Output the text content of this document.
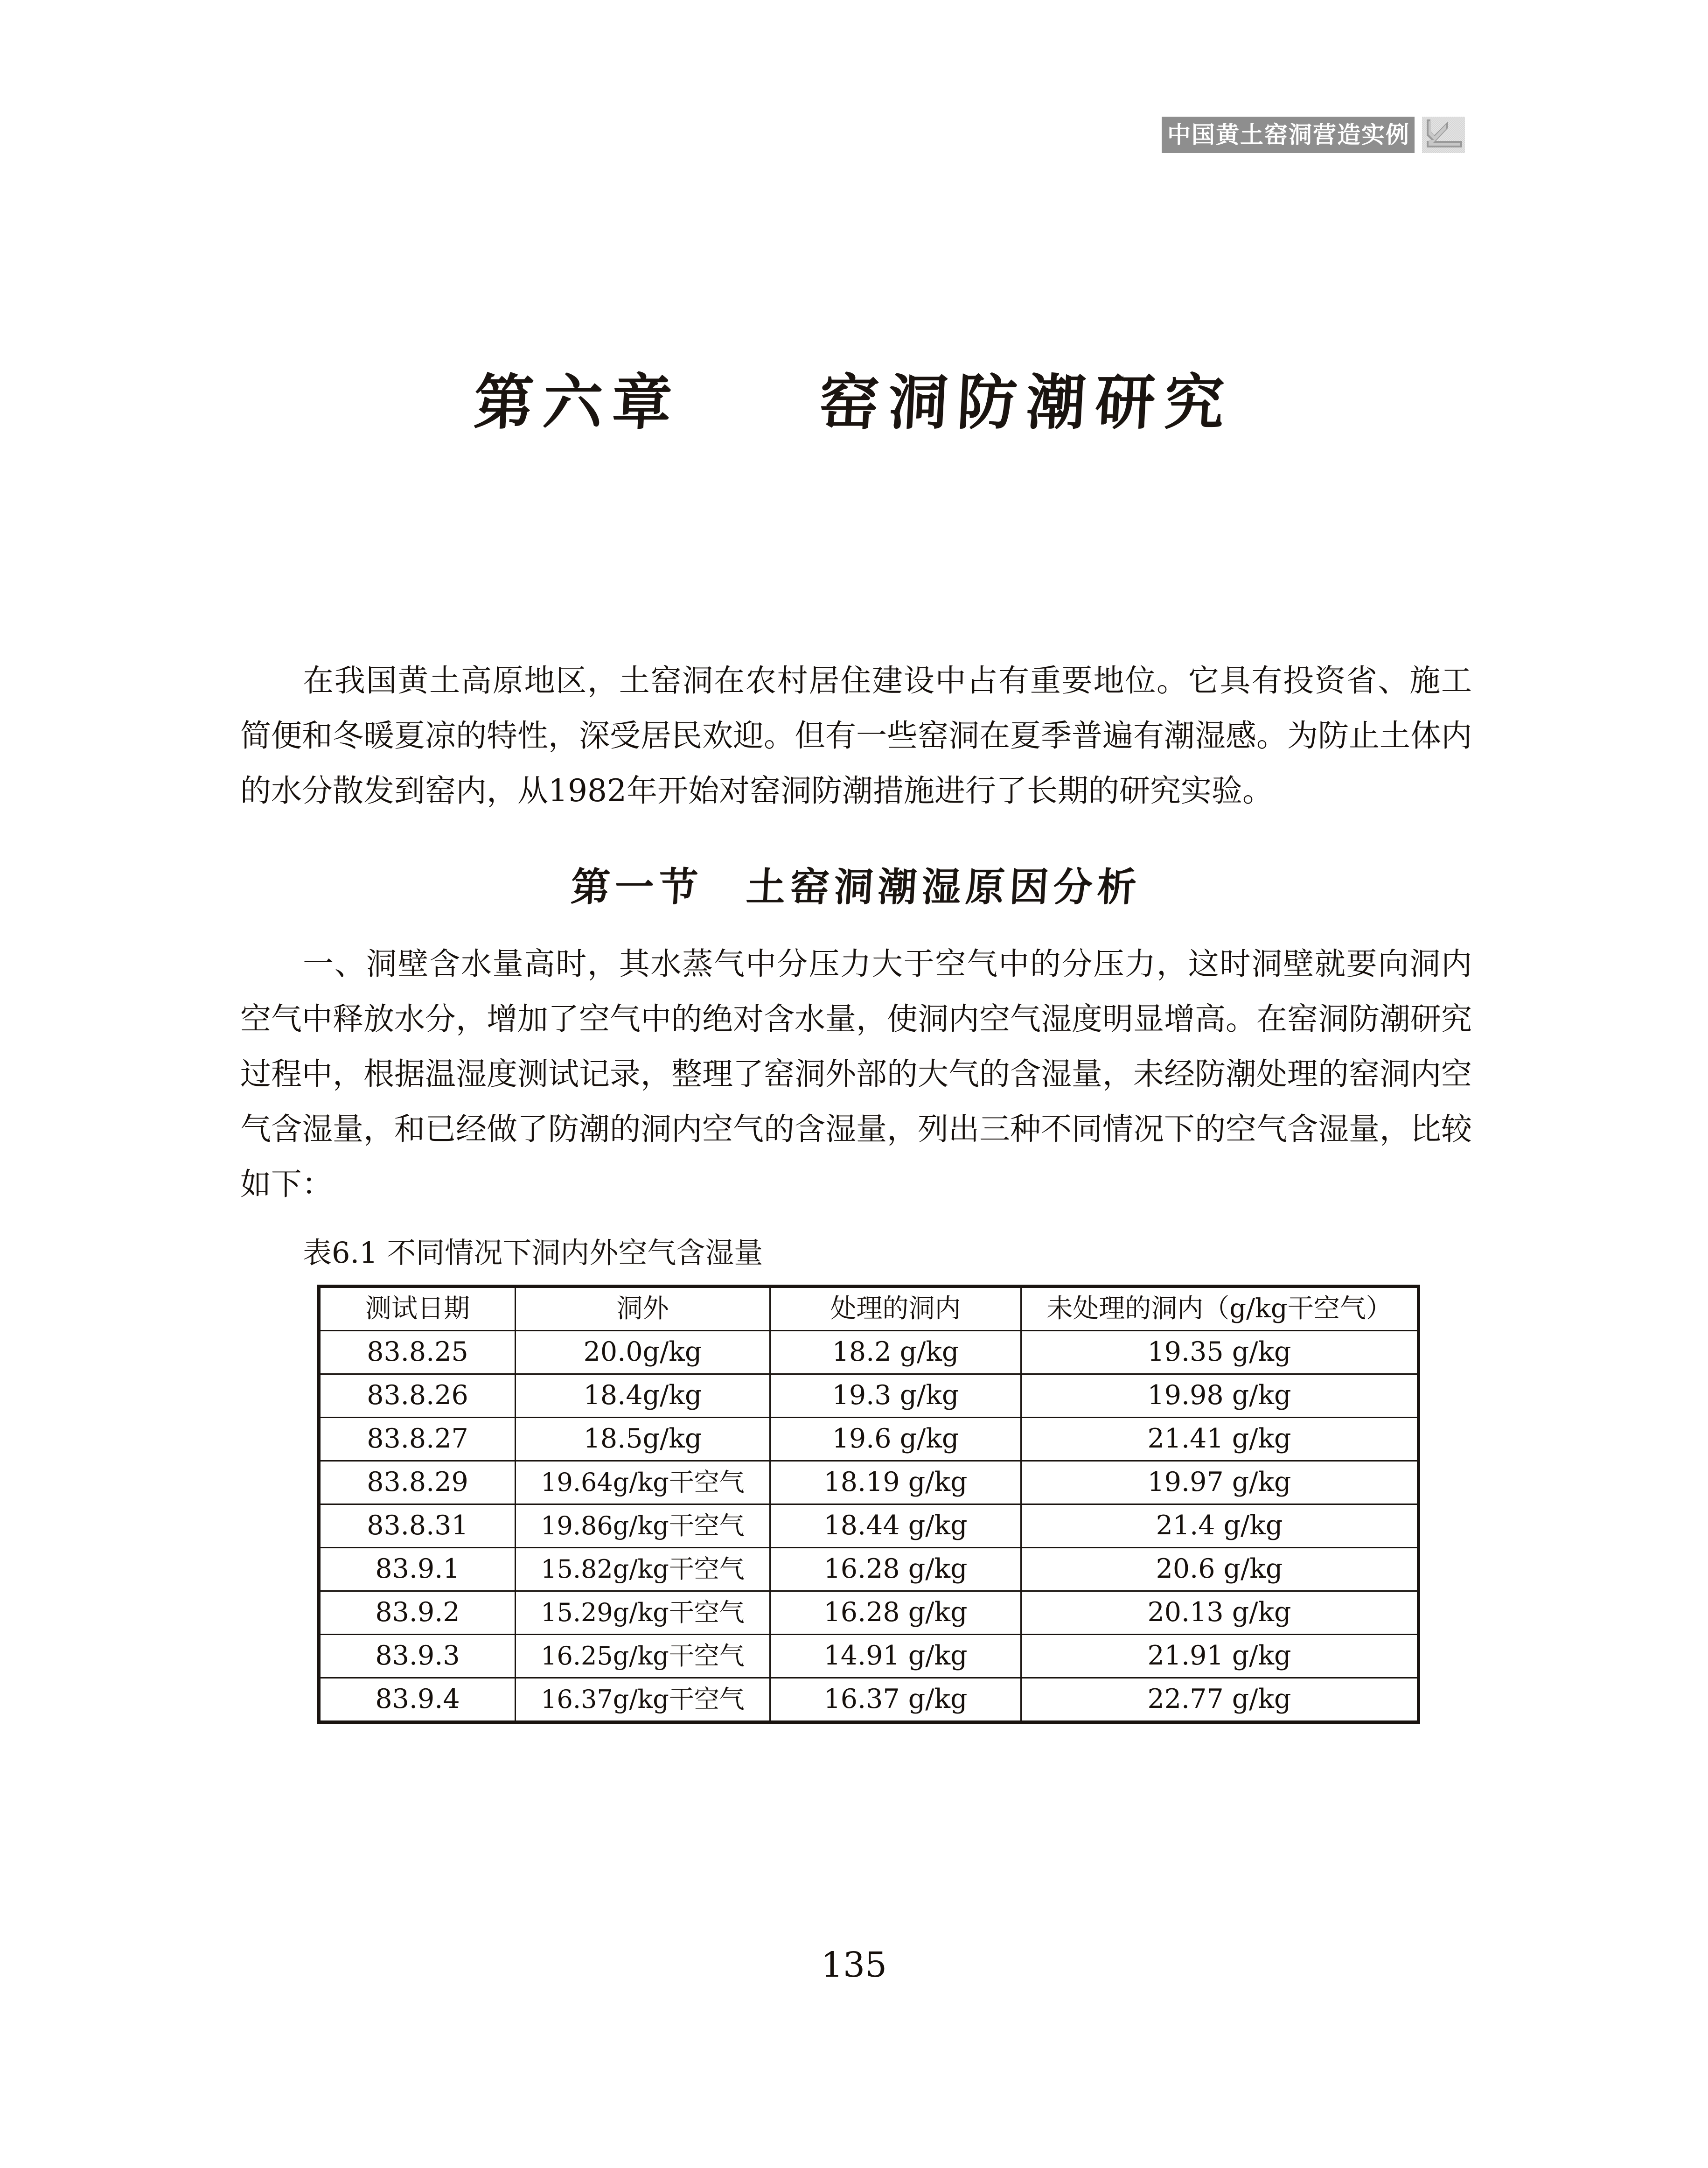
中国黄土窑洞营造实例
第六章　　窑洞防潮研究

在我国黄土高原地区，土窑洞在农村居住建设中占有重要地位。它具有投资省、施工简便和冬暖夏凉的特性，深受居民欢迎。但有一些窑洞在夏季普遍有潮湿感。为防止土体内的水分散发到窑内，从1982年开始对窑洞防潮措施进行了长期的研究实验。

第一节　土窑洞潮湿原因分析

一、洞壁含水量高时，其水蒸气中分压力大于空气中的分压力，这时洞壁就要向洞内空气中释放水分，增加了空气中的绝对含水量，使洞内空气湿度明显增高。在窑洞防潮研究过程中，根据温湿度测试记录，整理了窑洞外部的大气的含湿量，未经防潮处理的窑洞内空气含湿量，和已经做了防潮的洞内空气的含湿量，列出三种不同情况下的空气含湿量，比较如下：

表6.1 不同情况下洞内外空气含湿量
测试日期	洞外	处理的洞内	未处理的洞内（g/kg干空气）
83.8.25	20.0g/kg	18.2 g/kg	19.35 g/kg
83.8.26	18.4g/kg	19.3 g/kg	19.98 g/kg
83.8.27	18.5g/kg	19.6 g/kg	21.41 g/kg
83.8.29	19.64g/kg干空气	18.19 g/kg	19.97 g/kg
83.8.31	19.86g/kg干空气	18.44 g/kg	21.4 g/kg
83.9.1	15.82g/kg干空气	16.28 g/kg	20.6 g/kg
83.9.2	15.29g/kg干空气	16.28 g/kg	20.13 g/kg
83.9.3	16.25g/kg干空气	14.91 g/kg	21.91 g/kg
83.9.4	16.37g/kg干空气	16.37 g/kg	22.77 g/kg
135
